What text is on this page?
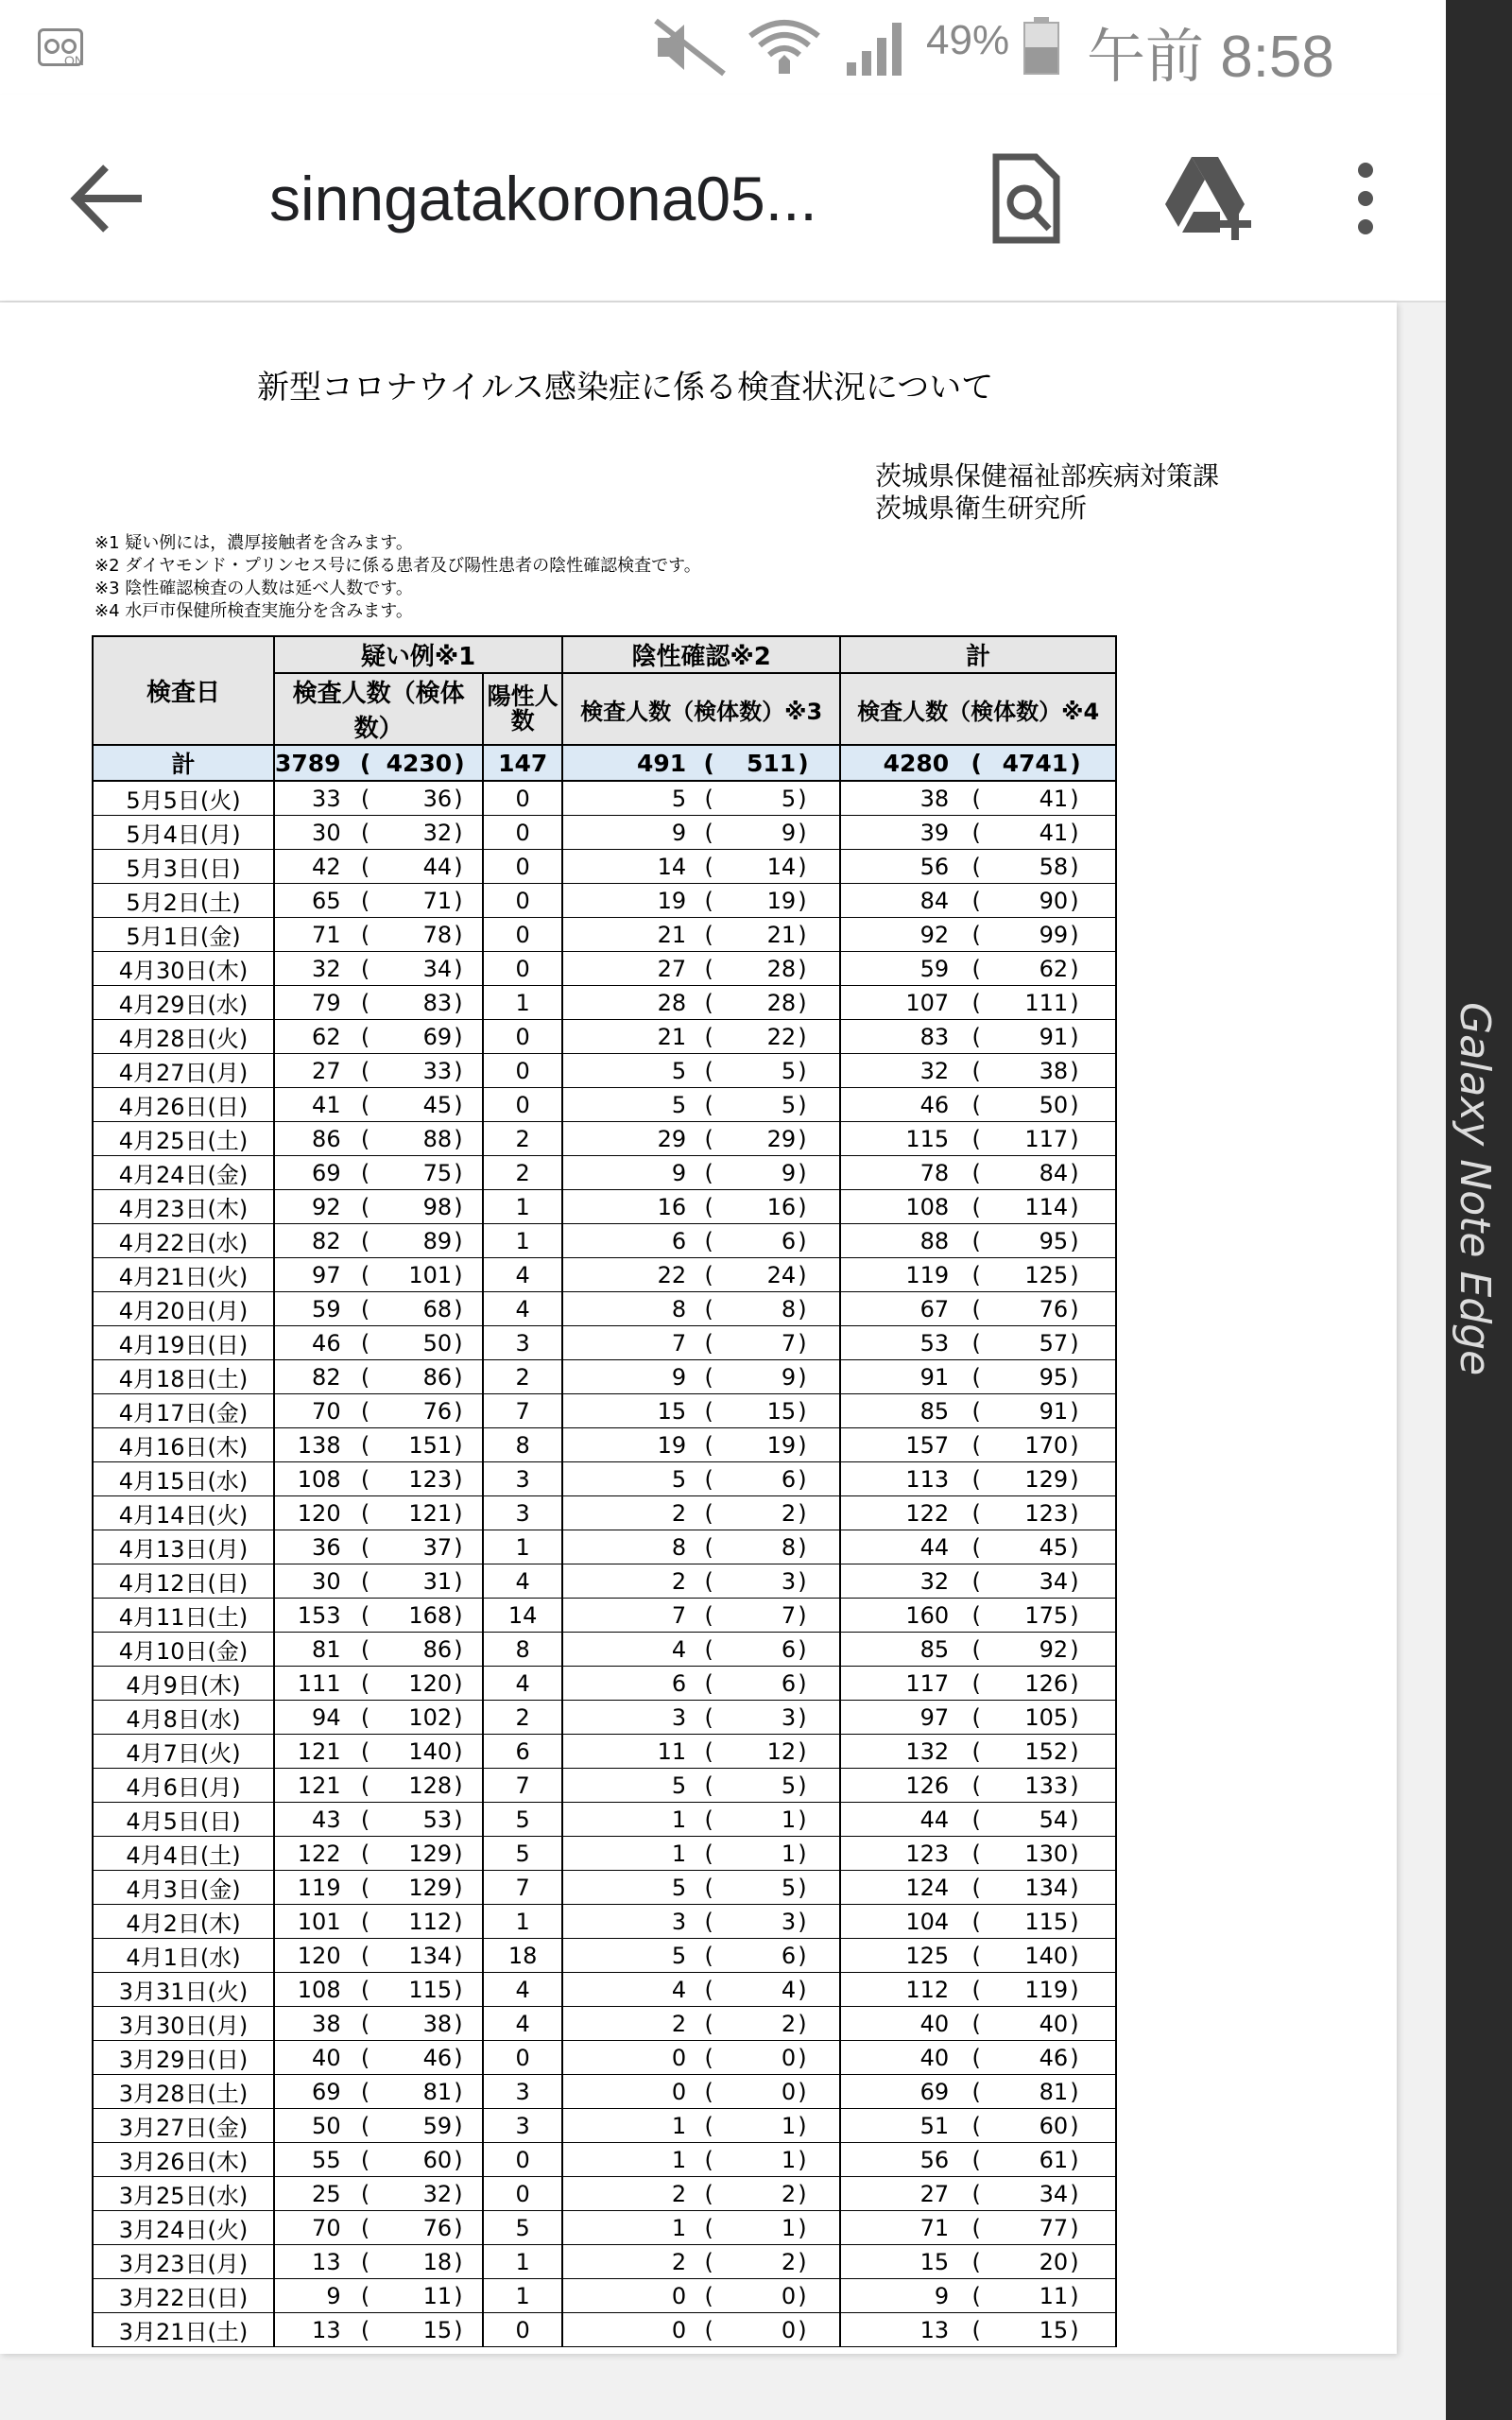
ON	49% 午前 8:58
sinngatakorona05...
新型コロナウイルス感染症に係る検査状況について
茨城県保健福祉部疾病対策課
茨城県衛生研究所
※1 疑い例には，濃厚接触者を含みます。
※2 ダイヤモンド・プリンセス号に係る患者及び陽性患者の陰性確認検査です。
※3 陰性確認検査の人数は延べ人数です。
※4 水戸市保健所検査実施分を含みます。
検査日	疑い例※1					陰性確認※2				計			
	検査人数（検体数）				陽性人数	検査人数（検体数）※3				検査人数（検体数）※4			
計	3789	(	4230	)	147	491	(	511	)	4280	(	4741	)
5月5日(火)	33	(	36	)	0	5	(	5	)	38	(	41	)
5月4日(月)	30	(	32	)	0	9	(	9	)	39	(	41	)
5月3日(日)	42	(	44	)	0	14	(	14	)	56	(	58	)
5月2日(土)	65	(	71	)	0	19	(	19	)	84	(	90	)
5月1日(金)	71	(	78	)	0	21	(	21	)	92	(	99	)
4月30日(木)	32	(	34	)	0	27	(	28	)	59	(	62	)
4月29日(水)	79	(	83	)	1	28	(	28	)	107	(	111	)
4月28日(火)	62	(	69	)	0	21	(	22	)	83	(	91	)
4月27日(月)	27	(	33	)	0	5	(	5	)	32	(	38	)
4月26日(日)	41	(	45	)	0	5	(	5	)	46	(	50	)
4月25日(土)	86	(	88	)	2	29	(	29	)	115	(	117	)
4月24日(金)	69	(	75	)	2	9	(	9	)	78	(	84	)
4月23日(木)	92	(	98	)	1	16	(	16	)	108	(	114	)
4月22日(水)	82	(	89	)	1	6	(	6	)	88	(	95	)
4月21日(火)	97	(	101	)	4	22	(	24	)	119	(	125	)
4月20日(月)	59	(	68	)	4	8	(	8	)	67	(	76	)
4月19日(日)	46	(	50	)	3	7	(	7	)	53	(	57	)
4月18日(土)	82	(	86	)	2	9	(	9	)	91	(	95	)
4月17日(金)	70	(	76	)	7	15	(	15	)	85	(	91	)
4月16日(木)	138	(	151	)	8	19	(	19	)	157	(	170	)
4月15日(水)	108	(	123	)	3	5	(	6	)	113	(	129	)
4月14日(火)	120	(	121	)	3	2	(	2	)	122	(	123	)
4月13日(月)	36	(	37	)	1	8	(	8	)	44	(	45	)
4月12日(日)	30	(	31	)	4	2	(	3	)	32	(	34	)
4月11日(土)	153	(	168	)	14	7	(	7	)	160	(	175	)
4月10日(金)	81	(	86	)	8	4	(	6	)	85	(	92	)
4月9日(木)	111	(	120	)	4	6	(	6	)	117	(	126	)
4月8日(水)	94	(	102	)	2	3	(	3	)	97	(	105	)
4月7日(火)	121	(	140	)	6	11	(	12	)	132	(	152	)
4月6日(月)	121	(	128	)	7	5	(	5	)	126	(	133	)
4月5日(日)	43	(	53	)	5	1	(	1	)	44	(	54	)
4月4日(土)	122	(	129	)	5	1	(	1	)	123	(	130	)
4月3日(金)	119	(	129	)	7	5	(	5	)	124	(	134	)
4月2日(木)	101	(	112	)	1	3	(	3	)	104	(	115	)
4月1日(水)	120	(	134	)	18	5	(	6	)	125	(	140	)
3月31日(火)	108	(	115	)	4	4	(	4	)	112	(	119	)
3月30日(月)	38	(	38	)	4	2	(	2	)	40	(	40	)
3月29日(日)	40	(	46	)	0	0	(	0	)	40	(	46	)
3月28日(土)	69	(	81	)	3	0	(	0	)	69	(	81	)
3月27日(金)	50	(	59	)	3	1	(	1	)	51	(	60	)
3月26日(木)	55	(	60	)	0	1	(	1	)	56	(	61	)
3月25日(水)	25	(	32	)	0	2	(	2	)	27	(	34	)
3月24日(火)	70	(	76	)	5	1	(	1	)	71	(	77	)
3月23日(月)	13	(	18	)	1	2	(	2	)	15	(	20	)
3月22日(日)	9	(	11	)	1	0	(	0	)	9	(	11	)
3月21日(土)	13	(	15	)	0	0	(	0	)	13	(	15	)
Galaxy Note Edge
